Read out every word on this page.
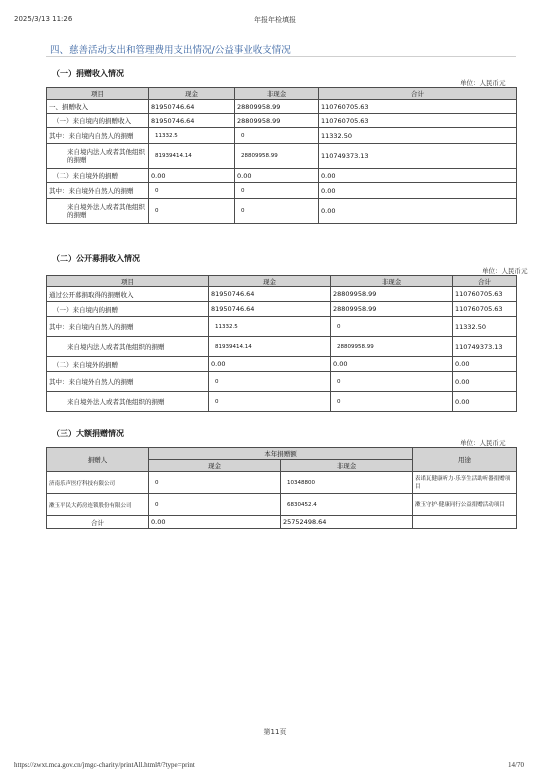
2025/3/13 11:26	年报年检填报
四、慈善活动支出和管理费用支出情况/公益事业收支情况
（一）捐赠收入情况
单位：人民币元
项目	现金	非现金	合计
一、捐赠收入	81950746.64	28809958.99	110760705.63
（一）来自境内的捐赠收入	81950746.64	28809958.99	110760705.63
其中：来自境内自然人的捐赠	11332.5	0	11332.50
来自境内法人或者其他组织的捐赠	81939414.14	28809958.99	110749373.13
（二）来自境外的捐赠	0.00	0.00	0.00
其中：来自境外自然人的捐赠	0	0	0.00
来自境外法人或者其他组织的捐赠	0	0	0.00
（二）公开募捐收入情况
单位：人民币元
项目	现金	非现金	合计
通过公开募捐取得的捐赠收入	81950746.64	28809958.99	110760705.63
（一）来自境内的捐赠	81950746.64	28809958.99	110760705.63
其中：来自境内自然人的捐赠	11332.5	0	11332.50
来自境内法人或者其他组织的捐赠	81939414.14	28809958.99	110749373.13
（二）来自境外的捐赠	0.00	0.00	0.00
其中：来自境外自然人的捐赠	0	0	0.00
来自境外法人或者其他组织的捐赠	0	0	0.00
（三）大额捐赠情况
单位：人民币元
捐赠人	本年捐赠额		用途
	现金	非现金	
济南乐声医疗科技有限公司	0	10348800	表诺瓦健康听力·乐享生活助听器捐赠项目
漱玉平民大药房连锁股份有限公司	0	6830452.4	漱玉守护·健康同行公益捐赠活动项目
合计	0.00	25752498.64	
第11页
https://zwxt.mca.gov.cn/jmgc-charity/printAll.html#/?type=print	14/70
